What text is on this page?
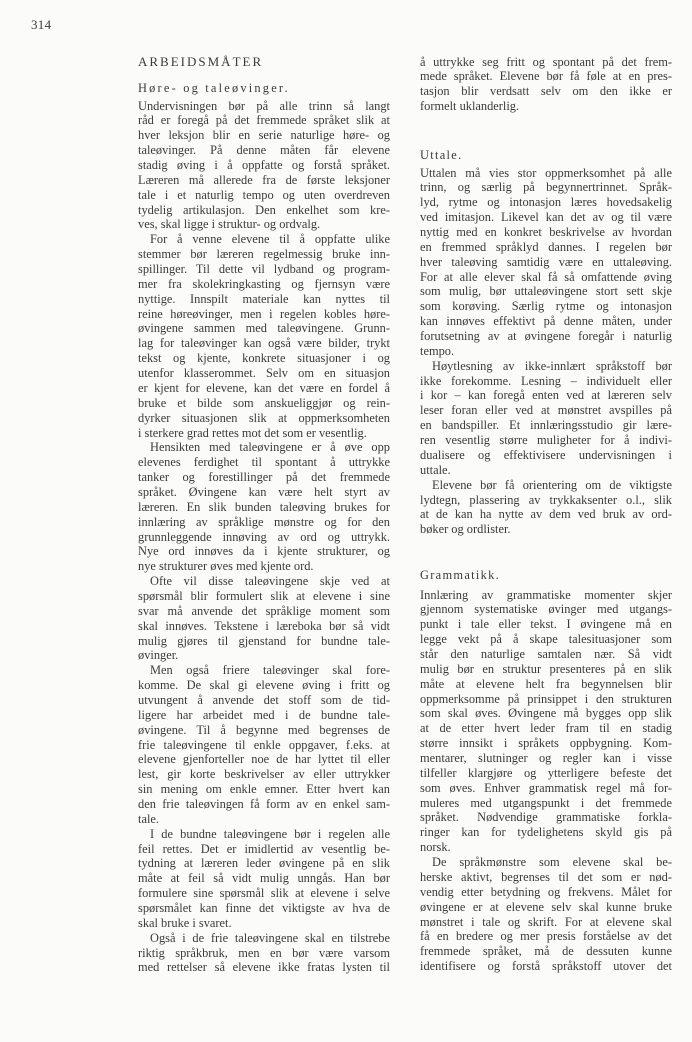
314
ARBEIDSMÅTER
Høre- og taleøvinger.
Undervisningen bør på alle trinn så langt
råd er foregå på det fremmede språket slik at
hver leksjon blir en serie naturlige høre- og
taleøvinger. På denne måten får elevene
stadig øving i å oppfatte og forstå språket.
Læreren må allerede fra de første leksjoner
tale i et naturlig tempo og uten overdreven
tydelig artikulasjon. Den enkelhet som kre-
ves, skal ligge i struktur- og ordvalg.
For å venne elevene til å oppfatte ulike
stemmer bør læreren regelmessig bruke inn-
spillinger. Til dette vil lydband og program-
mer fra skolekringkasting og fjernsyn være
nyttige. Innspilt materiale kan nyttes til
reine høreøvinger, men i regelen kobles høre-
øvingene sammen med taleøvingene. Grunn-
lag for taleøvinger kan også være bilder, trykt
tekst og kjente, konkrete situasjoner i og
utenfor klasserommet. Selv om en situasjon
er kjent for elevene, kan det være en fordel å
bruke et bilde som anskueliggjør og rein-
dyrker situasjonen slik at oppmerksomheten
i sterkere grad rettes mot det som er vesentlig.
Hensikten med taleøvingene er å øve opp
elevenes ferdighet til spontant å uttrykke
tanker og forestillinger på det fremmede
språket. Øvingene kan være helt styrt av
læreren. En slik bunden taleøving brukes for
innlæring av språklige mønstre og for den
grunnleggende innøving av ord og uttrykk.
Nye ord innøves da i kjente strukturer, og
nye strukturer øves med kjente ord.
Ofte vil disse taleøvingene skje ved at
spørsmål blir formulert slik at elevene i sine
svar må anvende det språklige moment som
skal innøves. Tekstene i læreboka bør så vidt
mulig gjøres til gjenstand for bundne tale-
øvinger.
Men også friere taleøvinger skal fore-
komme. De skal gi elevene øving i fritt og
utvungent å anvende det stoff som de tid-
ligere har arbeidet med i de bundne tale-
øvingene. Til å begynne med begrenses de
frie taleøvingene til enkle oppgaver, f.eks. at
elevene gjenforteller noe de har lyttet til eller
lest, gir korte beskrivelser av eller uttrykker
sin mening om enkle emner. Etter hvert kan
den frie taleøvingen få form av en enkel sam-
tale.
I de bundne taleøvingene bør i regelen alle
feil rettes. Det er imidlertid av vesentlig be-
tydning at læreren leder øvingene på en slik
måte at feil så vidt mulig unngås. Han bør
formulere sine spørsmål slik at elevene i selve
spørsmålet kan finne det viktigste av hva de
skal bruke i svaret.
Også i de frie taleøvingene skal en tilstrebe
riktig språkbruk, men en bør være varsom
med rettelser så elevene ikke fratas lysten til
å uttrykke seg fritt og spontant på det frem-
mede språket. Elevene bør få føle at en pres-
tasjon blir verdsatt selv om den ikke er
formelt uklanderlig.
Uttale.
Uttalen må vies stor oppmerksomhet på alle
trinn, og særlig på begynnertrinnet. Språk-
lyd, rytme og intonasjon læres hovedsakelig
ved imitasjon. Likevel kan det av og til være
nyttig med en konkret beskrivelse av hvordan
en fremmed språklyd dannes. I regelen bør
hver taleøving samtidig være en uttaleøving.
For at alle elever skal få så omfattende øving
som mulig, bør uttaleøvingene stort sett skje
som korøving. Særlig rytme og intonasjon
kan innøves effektivt på denne måten, under
forutsetning av at øvingene foregår i naturlig
tempo.
Høytlesning av ikke-innlært språkstoff bør
ikke forekomme. Lesning – individuelt eller
i kor – kan foregå enten ved at læreren selv
leser foran eller ved at mønstret avspilles på
en bandspiller. Et innlæringsstudio gir lære-
ren vesentlig større muligheter for å indivi-
dualisere og effektivisere undervisningen i
uttale.
Elevene bør få orientering om de viktigste
lydtegn, plassering av trykkaksenter o.l., slik
at de kan ha nytte av dem ved bruk av ord-
bøker og ordlister.
Grammatikk.
Innlæring av grammatiske momenter skjer
gjennom systematiske øvinger med utgangs-
punkt i tale eller tekst. I øvingene må en
legge vekt på å skape talesituasjoner som
står den naturlige samtalen nær. Så vidt
mulig bør en struktur presenteres på en slik
måte at elevene helt fra begynnelsen blir
oppmerksomme på prinsippet i den strukturen
som skal øves. Øvingene må bygges opp slik
at de etter hvert leder fram til en stadig
større innsikt i språkets oppbygning. Kom-
mentarer, slutninger og regler kan i visse
tilfeller klargjøre og ytterligere befeste det
som øves. Enhver grammatisk regel må for-
muleres med utgangspunkt i det fremmede
språket. Nødvendige grammatiske forkla-
ringer kan for tydelighetens skyld gis på
norsk.
De språkmønstre som elevene skal be-
herske aktivt, begrenses til det som er nød-
vendig etter betydning og frekvens. Målet for
øvingene er at elevene selv skal kunne bruke
mønstret i tale og skrift. For at elevene skal
få en bredere og mer presis forståelse av det
fremmede språket, må de dessuten kunne
identifisere og forstå språkstoff utover det
